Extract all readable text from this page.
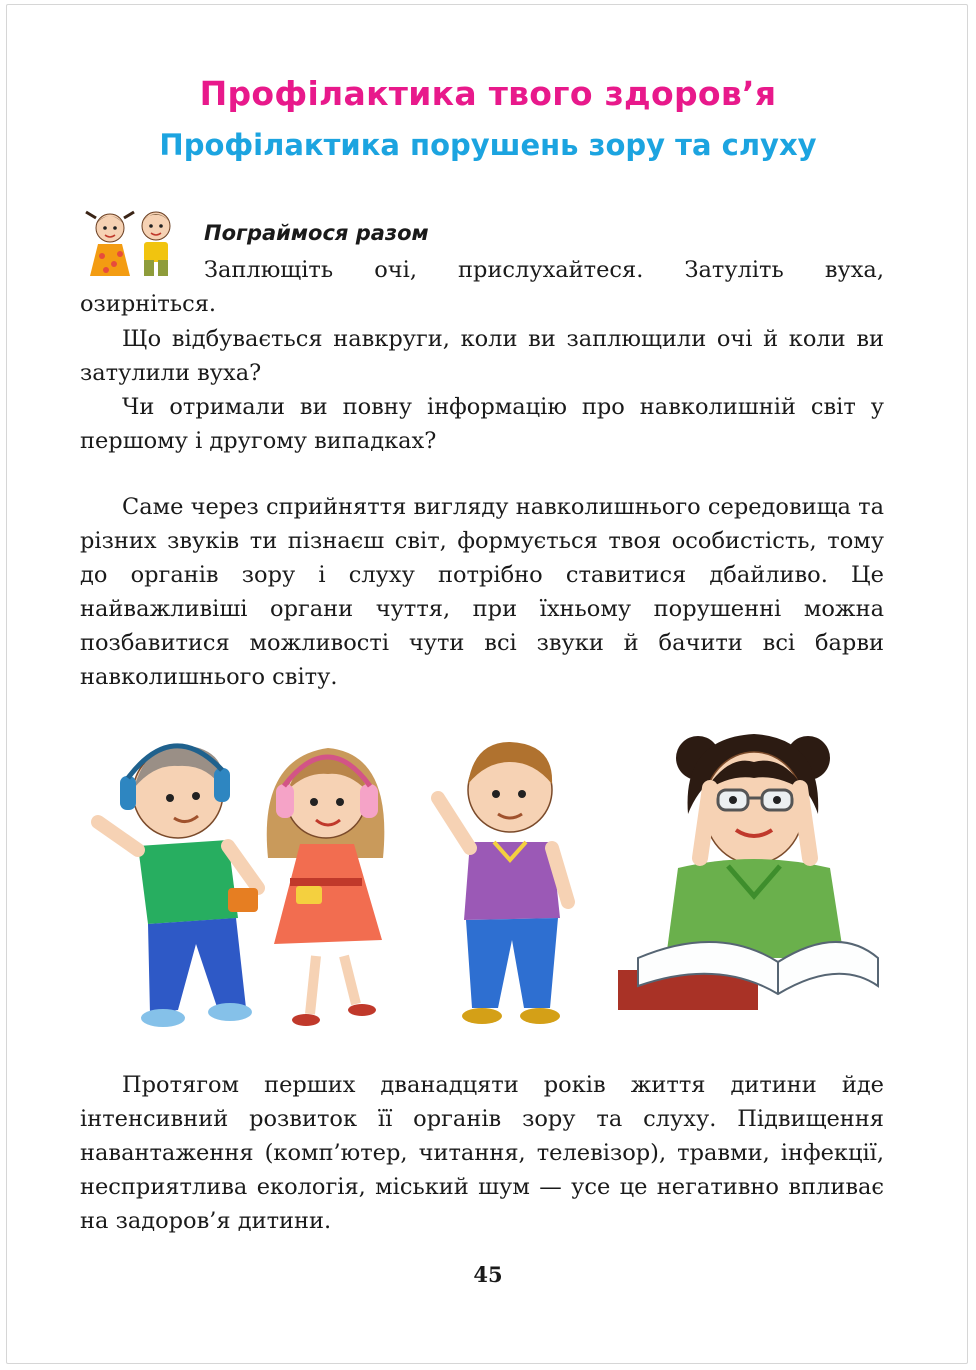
Профілактика твого здоров’я
Профілактика порушень зору та слуху
Пограймося разом
Заплющіть очі, прислухайтеся. Затуліть вуха, озирніться.
Що відбувається навкруги, коли ви заплющили очі й коли ви затулили вуха?
Чи отримали ви повну інформацію про навколишній світ у першому і другому випадках?
Саме через сприйняття вигляду навколишнього середовища та різних звуків ти пізнаєш світ, формується твоя особистість, тому до органів зору і слуху потрібно ставитися дбайливо. Це найважливіші органи чуття, при їхньому порушенні можна позбавитися можливості чути всі звуки й бачити всі барви навколишнього світу.
Протягом перших дванадцяти років життя дитини йде інтенсивний розвиток її органів зору та слуху. Підвищення навантаження (комп’ютер, читання, телевізор), травми, інфекції, несприятлива екологія, міський шум — усе це негативно впливає на задоров’я дитини.
45
